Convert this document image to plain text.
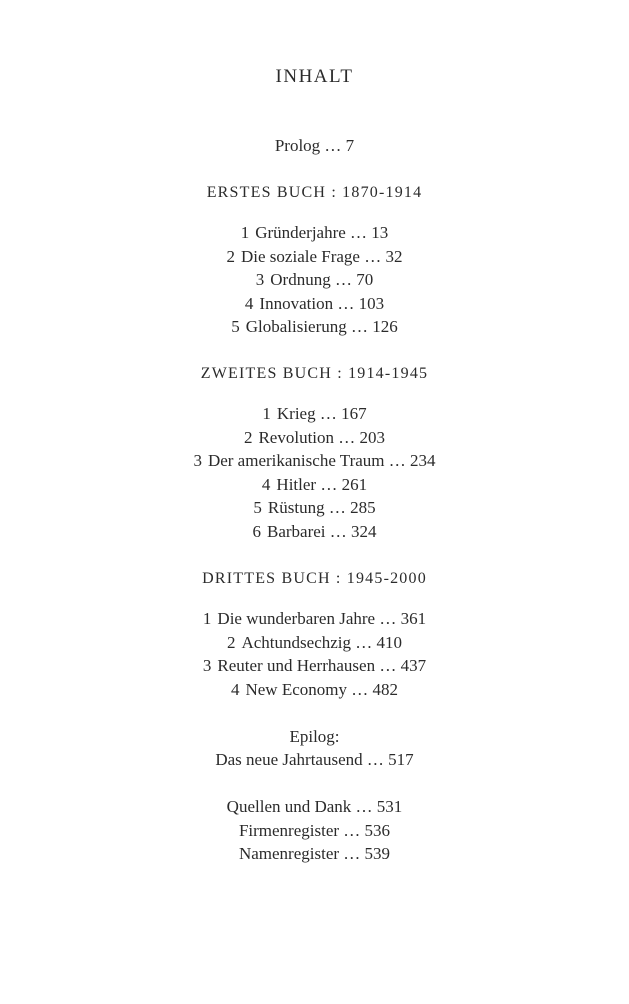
INHALT
Prolog … 7
ERSTES BUCH : 1870-1914
1 Gründerjahre … 13
2 Die soziale Frage … 32
3 Ordnung … 70
4 Innovation … 103
5 Globalisierung … 126
ZWEITES BUCH : 1914-1945
1 Krieg … 167
2 Revolution … 203
3 Der amerikanische Traum … 234
4 Hitler … 261
5 Rüstung … 285
6 Barbarei … 324
DRITTES BUCH : 1945-2000
1 Die wunderbaren Jahre … 361
2 Achtundsechzig … 410
3 Reuter und Herrhausen … 437
4 New Economy … 482
Epilog:
Das neue Jahrtausend … 517
Quellen und Dank … 531
Firmenregister … 536
Namenregister … 539
